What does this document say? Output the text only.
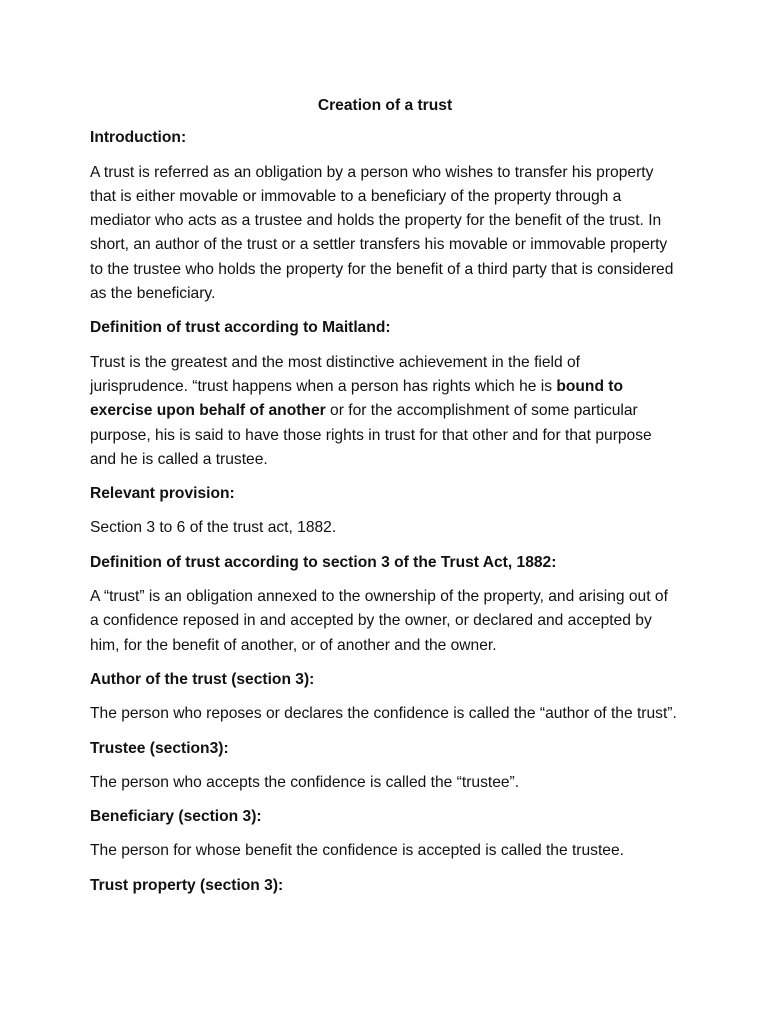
Creation of a trust
Introduction:
A trust is referred as an obligation by a person who wishes to transfer his property that is either movable or immovable to a beneficiary of the property through a mediator who acts as a trustee and holds the property for the benefit of the trust. In short, an author of the trust or a settler transfers his movable or immovable property to the trustee who holds the property for the benefit of a third party that is considered as the beneficiary.
Definition of trust according to Maitland:
Trust is the greatest and the most distinctive achievement in the field of jurisprudence. “trust happens when a person has rights which he is bound to exercise upon behalf of another or for the accomplishment of some particular purpose, his is said to have those rights in trust for that other and for that purpose and he is called a trustee.
Relevant provision:
Section 3 to 6 of the trust act, 1882.
Definition of trust according to section 3 of the Trust Act, 1882:
A “trust” is an obligation annexed to the ownership of the property, and arising out of a confidence reposed in and accepted by the owner, or declared and accepted by him, for the benefit of another, or of another and the owner.
Author of the trust (section 3):
The person who reposes or declares the confidence is called the “author of the trust”.
Trustee (section3):
The person who accepts the confidence is called the “trustee”.
Beneficiary (section 3):
The person for whose benefit the confidence is accepted is called the trustee.
Trust property (section 3):
